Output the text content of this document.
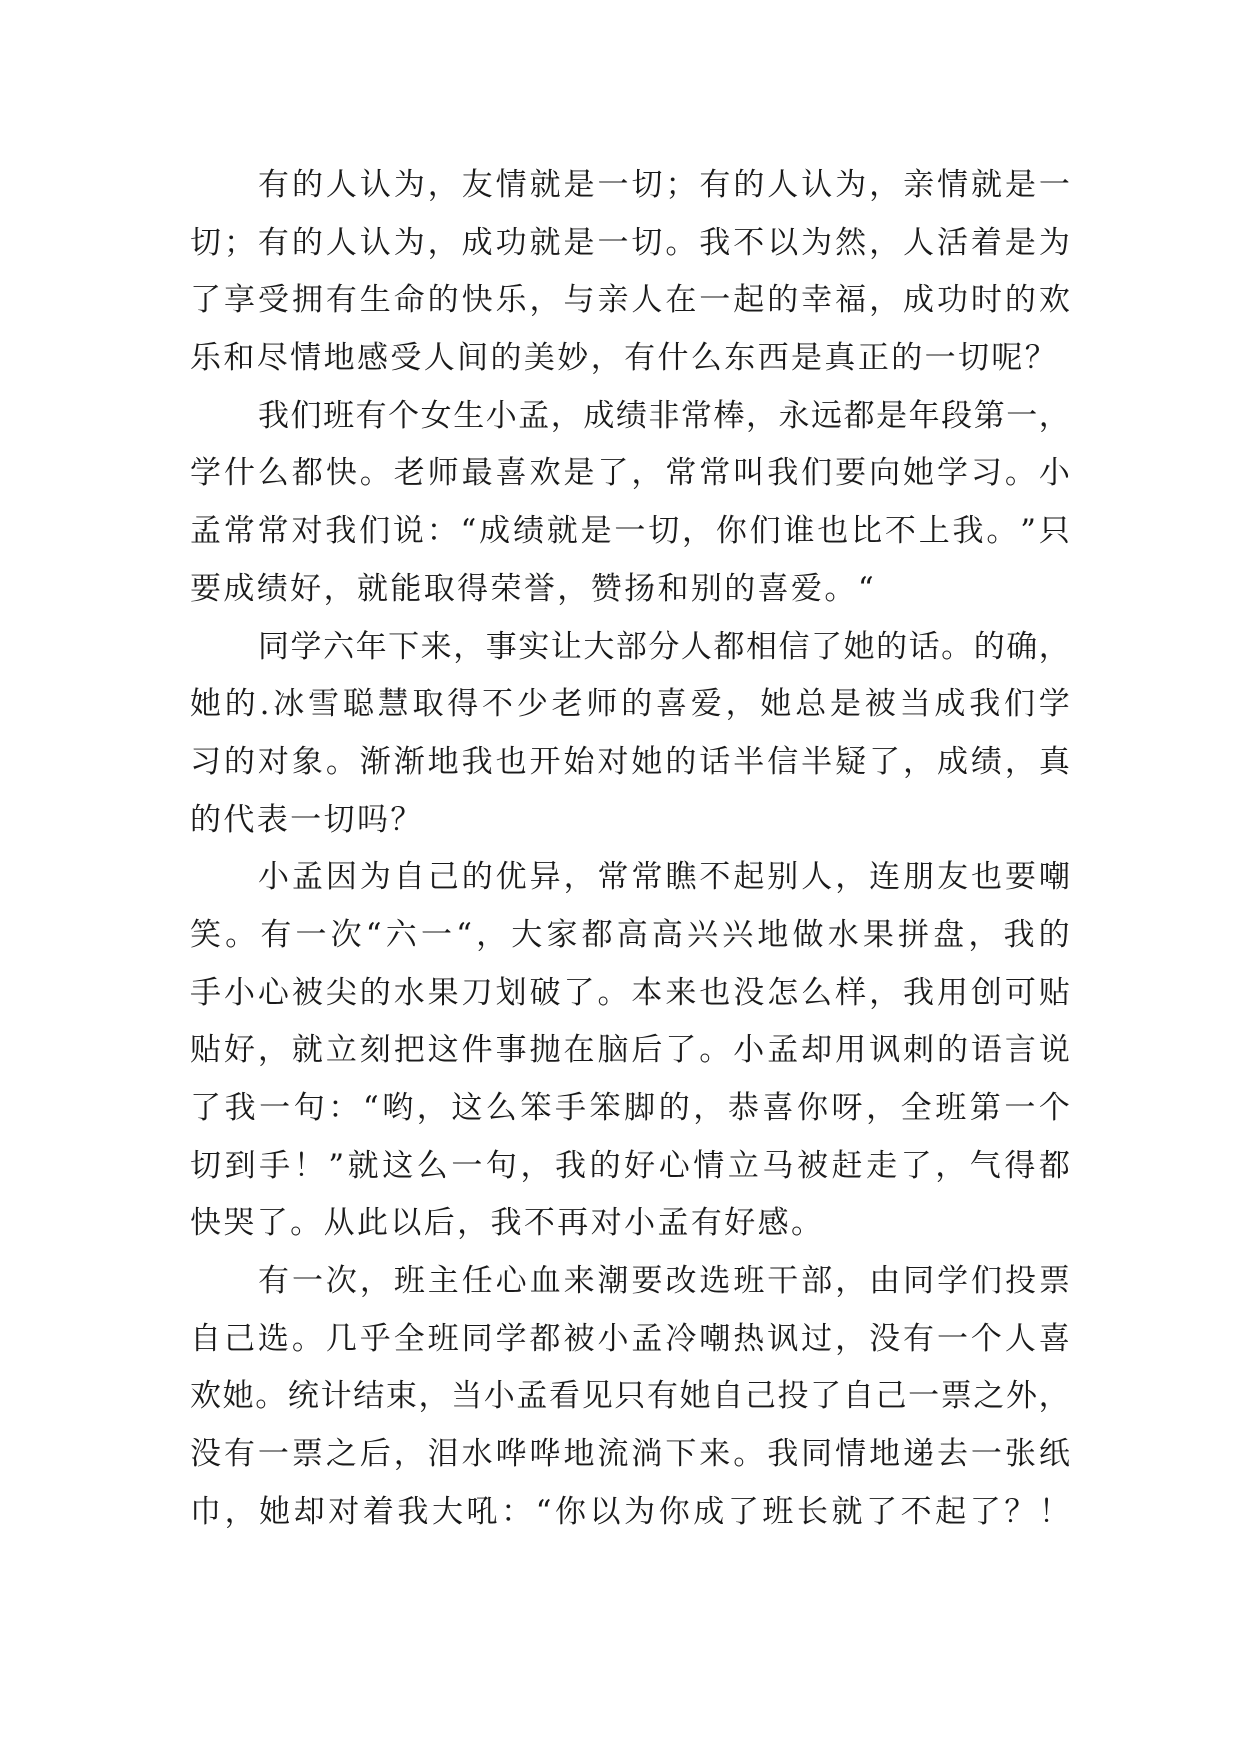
有 的 人 认 为 ， 友 情 就 是 一 切 ； 有 的 人 认 为 ， 亲 情 就 是 一
切 ； 有 的 人 认 为 ， 成 功 就 是 一 切 。 我 不 以 为 然 ， 人 活 着 是 为
了 享 受 拥 有 生 命 的 快 乐 ， 与 亲 人 在 一 起 的 幸 福 ， 成 功 时 的 欢
乐 和 尽 情 地 感 受 人 间 的 美 妙 ， 有 什 么 东 西 是 真 正 的 一 切 呢 ？
我 们 班 有 个 女 生 小 孟 ， 成 绩 非 常 棒 ， 永 远 都 是 年 段 第 一 ，
学 什 么 都 快 。 老 师 最 喜 欢 是 了 ， 常 常 叫 我 们 要 向 她 学 习 。 小
孟 常 常 对 我 们 说 ： “ 成 绩 就 是 一 切 ， 你 们 谁 也 比 不 上 我 。 ” 只
要 成 绩 好 ， 就 能 取 得 荣 誉 ， 赞 扬 和 别 的 喜 爱 。 “
同 学 六 年 下 来 ， 事 实 让 大 部 分 人 都 相 信 了 她 的 话 。 的 确 ，
她 的 . 冰 雪 聪 慧 取 得 不 少 老 师 的 喜 爱 ， 她 总 是 被 当 成 我 们 学
习 的 对 象 。 渐 渐 地 我 也 开 始 对 她 的 话 半 信 半 疑 了 ， 成 绩 ， 真
的 代 表 一 切 吗 ？
小 孟 因 为 自 己 的 优 异 ， 常 常 瞧 不 起 别 人 ， 连 朋 友 也 要 嘲
笑 。 有 一 次 “ 六 一 “ ， 大 家 都 高 高 兴 兴 地 做 水 果 拼 盘 ， 我 的
手 小 心 被 尖 的 水 果 刀 划 破 了 。 本 来 也 没 怎 么 样 ， 我 用 创 可 贴
贴 好 ， 就 立 刻 把 这 件 事 抛 在 脑 后 了 。 小 孟 却 用 讽 刺 的 语 言 说
了 我 一 句 ： “ 哟 ， 这 么 笨 手 笨 脚 的 ， 恭 喜 你 呀 ， 全 班 第 一 个
切 到 手 ！ ” 就 这 么 一 句 ， 我 的 好 心 情 立 马 被 赶 走 了 ， 气 得 都
快 哭 了 。 从 此 以 后 ， 我 不 再 对 小 孟 有 好 感 。
有 一 次 ， 班 主 任 心 血 来 潮 要 改 选 班 干 部 ， 由 同 学 们 投 票
自 己 选 。 几 乎 全 班 同 学 都 被 小 孟 冷 嘲 热 讽 过 ， 没 有 一 个 人 喜
欢 她 。 统 计 结 束 ， 当 小 孟 看 见 只 有 她 自 己 投 了 自 己 一 票 之 外 ，
没 有 一 票 之 后 ， 泪 水 哗 哗 地 流 淌 下 来 。 我 同 情 地 递 去 一 张 纸
巾 ， 她 却 对 着 我 大 吼 ： “ 你 以 为 你 成 了 班 长 就 了 不 起 了 ？ ！
